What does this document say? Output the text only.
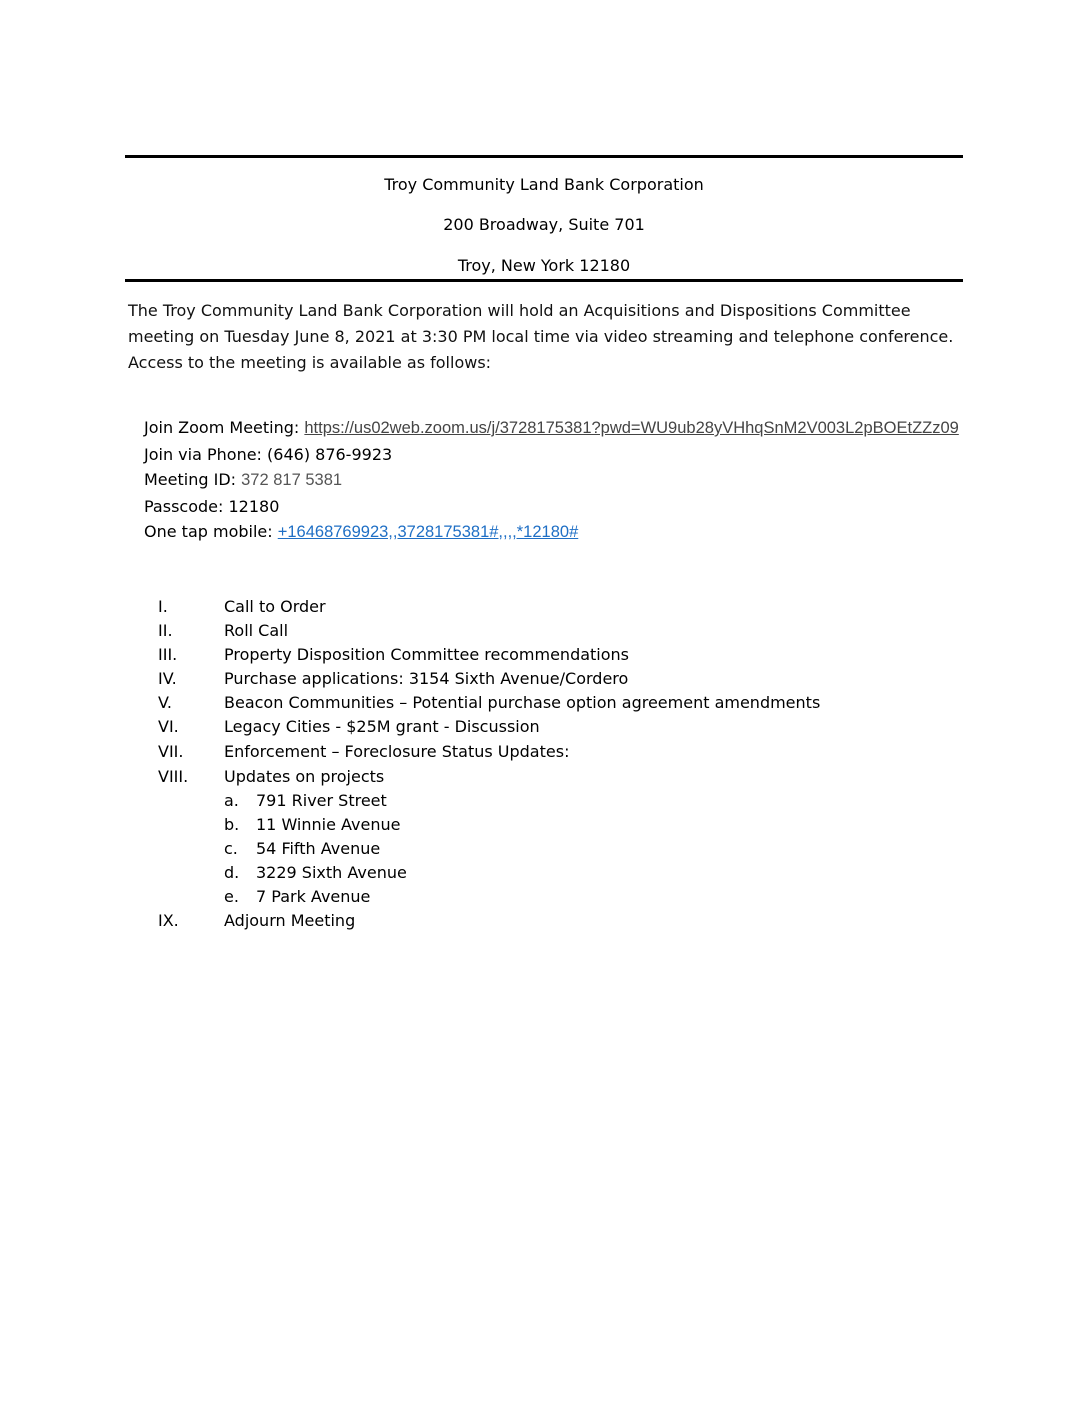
Troy Community Land Bank Corporation
200 Broadway, Suite 701
Troy, New York 12180
The Troy Community Land Bank Corporation will hold an Acquisitions and Dispositions Committee
meeting on Tuesday June 8, 2021 at 3:30 PM local time via video streaming and telephone conference.
Access to the meeting is available as follows:
Join Zoom Meeting: https://us02web.zoom.us/j/3728175381?pwd=WU9ub28yVHhqSnM2V003L2pBOEtZZz09
Join via Phone: (646) 876-9923
Meeting ID: 372 817 5381
Passcode: 12180
One tap mobile: +16468769923,,3728175381#,,,,*12180#
I.	Call to Order
II.	Roll Call
III.	Property Disposition Committee recommendations
IV.	Purchase applications: 3154 Sixth Avenue/Cordero
V.	Beacon Communities – Potential purchase option agreement amendments
VI.	Legacy Cities - $25M grant - Discussion
VII.	Enforcement – Foreclosure Status Updates:
VIII. Updates on projects
a. 791 River Street
b. 11 Winnie Avenue
c. 54 Fifth Avenue
d. 3229 Sixth Avenue
e. 7 Park Avenue
IX.	Adjourn Meeting
